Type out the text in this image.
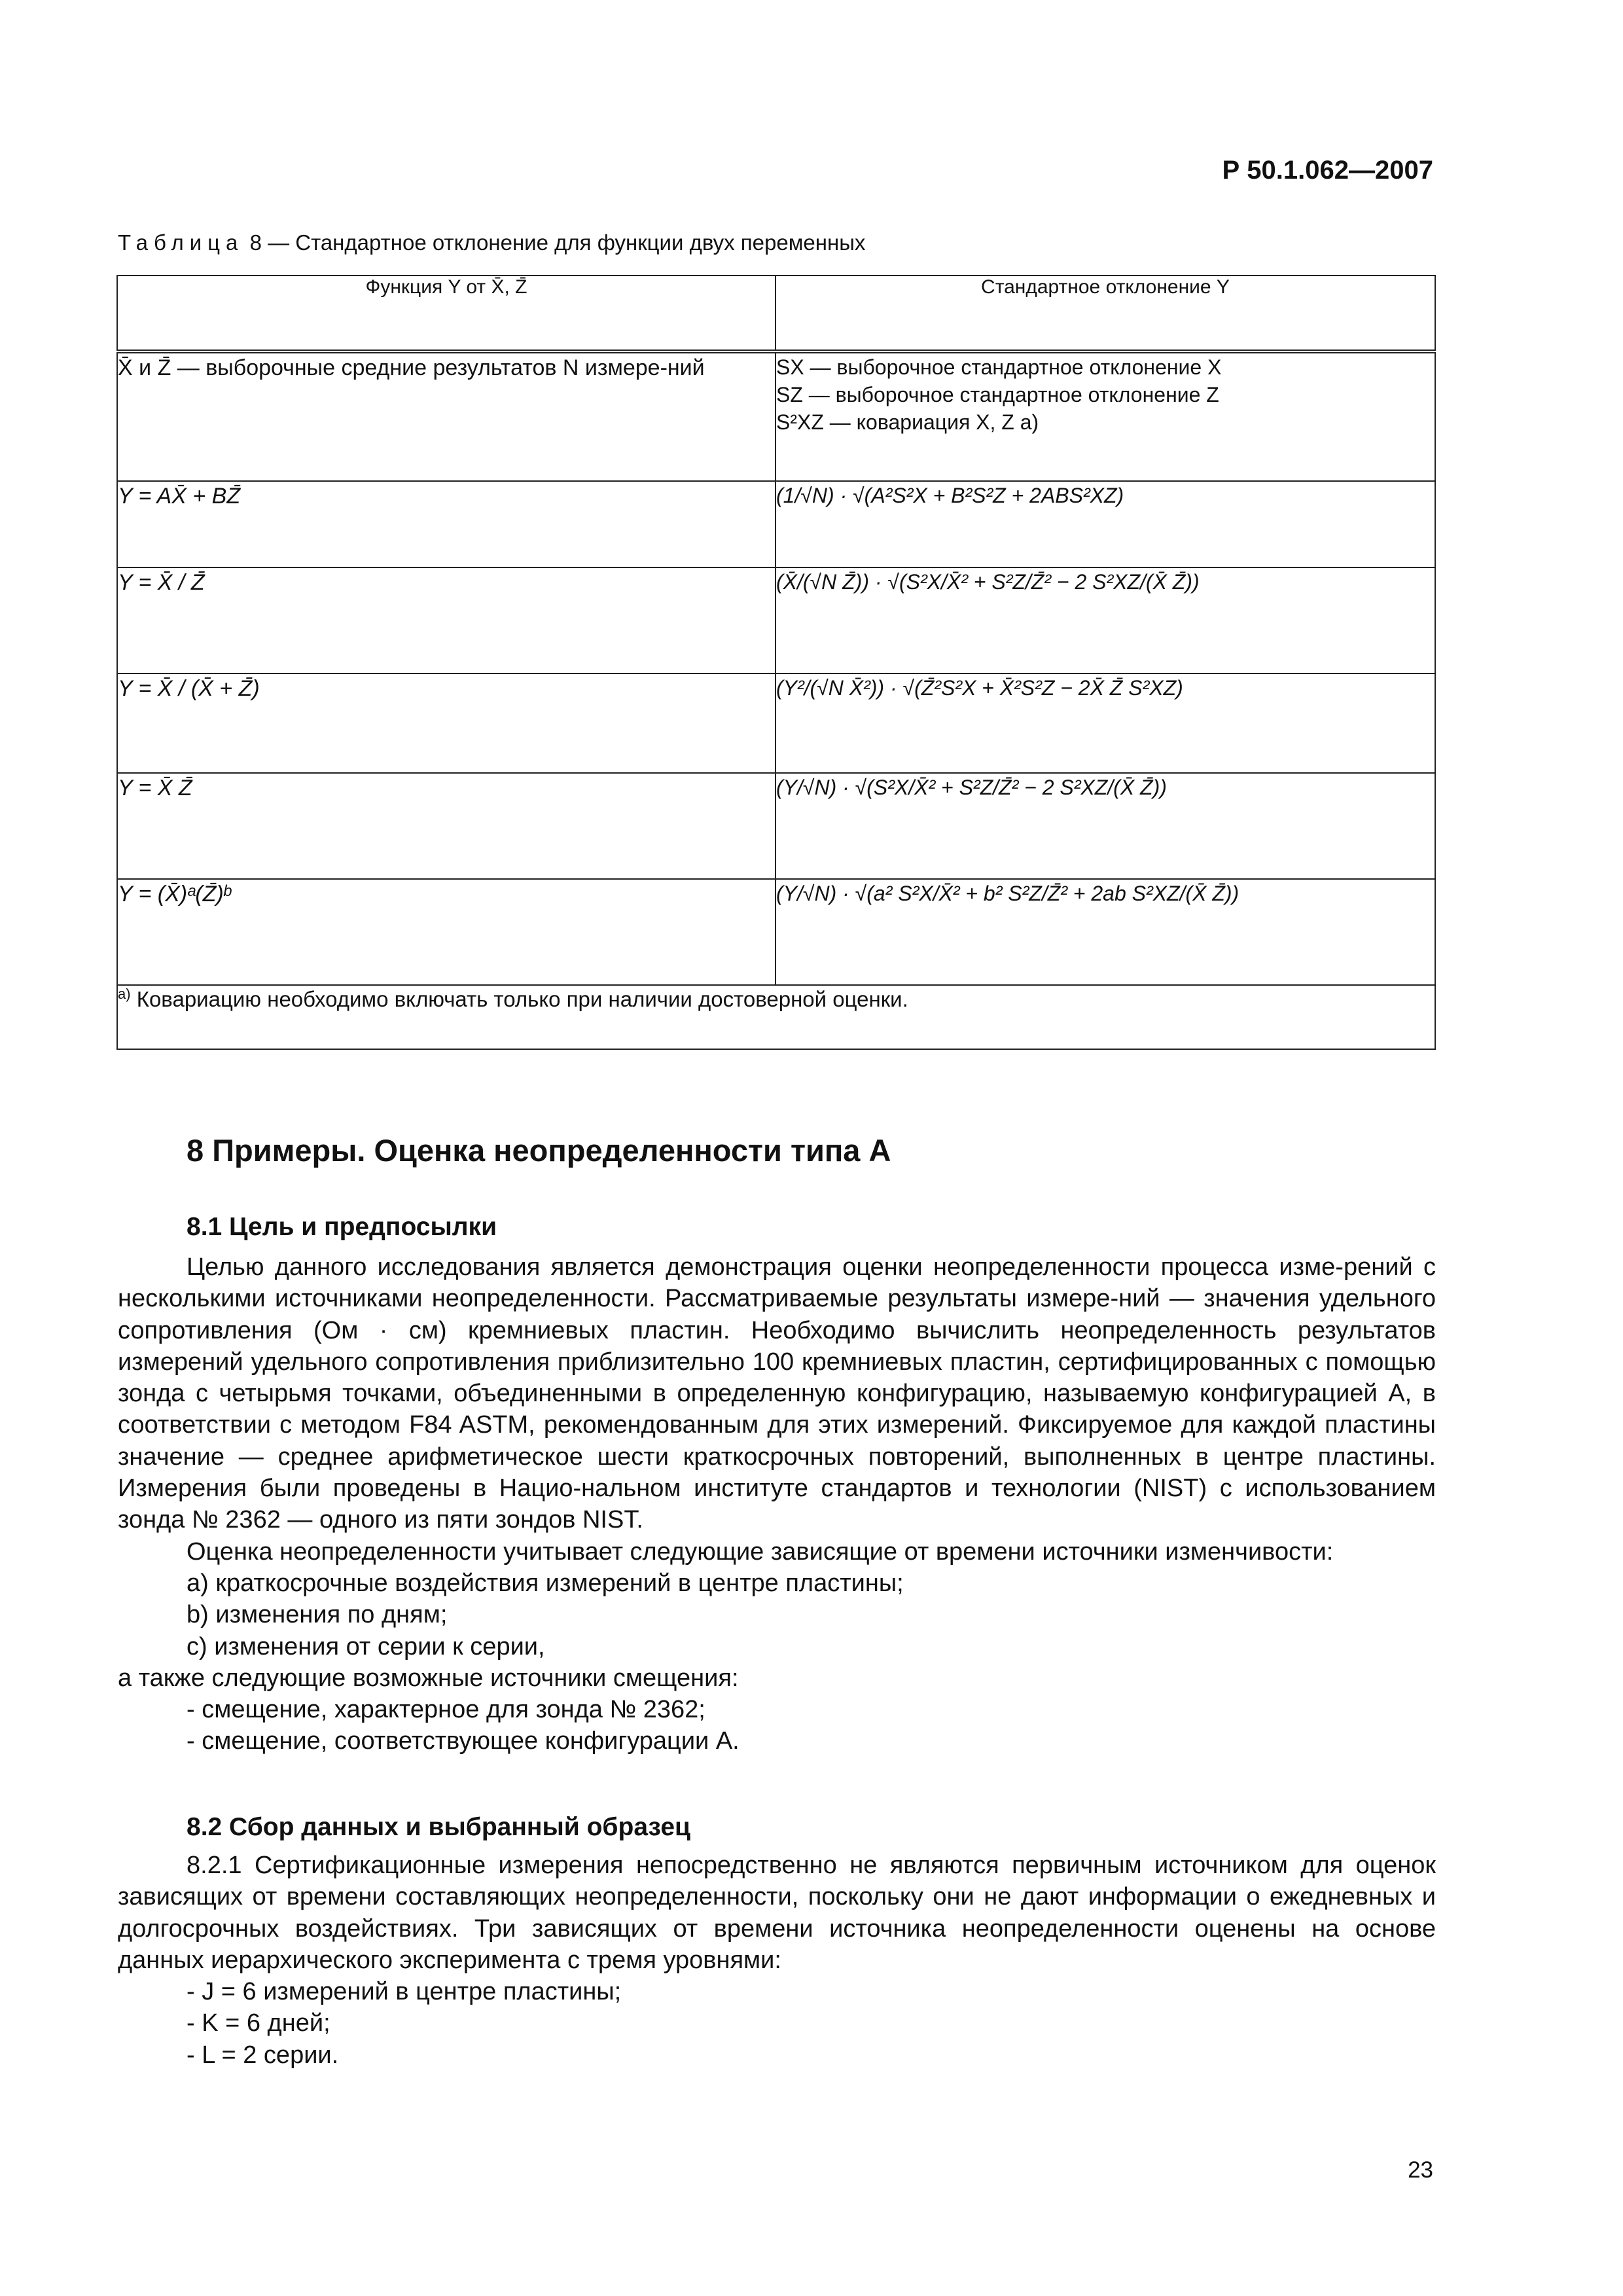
Р 50.1.062—2007
Таблица 8 — Стандартное отклонение для функции двух переменных
Функция Y от X̄, Z̄	Стандартное отклонение Y
X̄ и Z̄ — выборочные средние результатов N измере-ний	SX — выборочное стандартное отклонение X
SZ — выборочное стандартное отклонение Z
S²XZ — ковариация X, Z а)

Y = AX̄ + BZ̄	(1/√N) · √(A²S²X + B²S²Z + 2ABS²XZ)
Y = X̄ / Z̄	(X̄/(√N Z̄)) · √(S²X/X̄² + S²Z/Z̄² − 2 S²XZ/(X̄ Z̄))
Y = X̄ / (X̄ + Z̄)	(Y²/(√N X̄²)) · √(Z̄²S²X + X̄²S²Z − 2X̄ Z̄ S²XZ)
Y = X̄ Z̄	(Y/√N) · √(S²X/X̄² + S²Z/Z̄² − 2 S²XZ/(X̄ Z̄))
Y = (X̄)ᵃ(Z̄)ᵇ	(Y/√N) · √(a² S²X/X̄² + b² S²Z/Z̄² + 2ab S²XZ/(X̄ Z̄))
$^{а)}$ Ковариацию необходимо включать только при наличии достоверной оценки.	
8 Примеры. Оценка неопределенности типа А
8.1 Цель и предпосылки

Целью данного исследования является демонстрация оценки неопределенности процесса изме-рений с несколькими источниками неопределенности. Рассматриваемые результаты измере-ний — значения удельного сопротивления (Ом · см) кремниевых пластин. Необходимо вычислить неопределенность результатов измерений удельного сопротивления приблизительно 100 кремниевых пластин, сертифицированных с помощью зонда с четырьмя точками, объединенными в определенную конфигурацию, называемую конфигурацией А, в соответствии с методом F84 ASTM, рекомендованным для этих измерений. Фиксируемое для каждой пластины значение — среднее арифметическое шести краткосрочных повторений, выполненных в центре пластины. Измерения были проведены в Нацио-нальном институте стандартов и технологии (NIST) с использованием зонда № 2362 — одного из пяти зондов NIST.

Оценка неопределенности учитывает следующие зависящие от времени источники изменчивости:

a) краткосрочные воздействия измерений в центре пластины;

b) изменения по дням;

c) изменения от серии к серии,

а также следующие возможные источники смещения:

- смещение, характерное для зонда № 2362;

- смещение, соответствующее конфигурации А.

8.2 Сбор данных и выбранный образец

8.2.1 Сертификационные измерения непосредственно не являются первичным источником для оценок зависящих от времени составляющих неопределенности, поскольку они не дают информации о ежедневных и долгосрочных воздействиях. Три зависящих от времени источника неопределенности оценены на основе данных иерархического эксперимента с тремя уровнями:

- J = 6 измерений в центре пластины;

- K = 6 дней;

- L = 2 серии.

23
